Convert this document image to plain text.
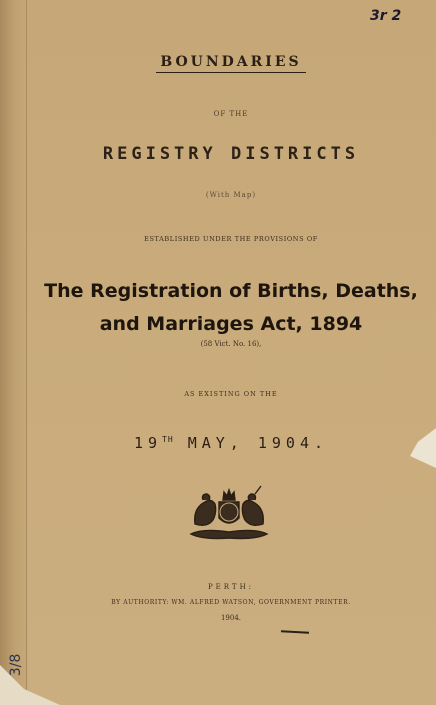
3r 2
BOUNDARIES
OF THE
REGISTRY DISTRICTS
(With Map)
ESTABLISHED UNDER THE PROVISIONS OF
The Registration of Births, Deaths,
and Marriages Act, 1894
(58 Vict. No. 16),
AS EXISTING ON THE
19TH MAY, 1904.
PERTH:
BY AUTHORITY: WM. ALFRED WATSON, GOVERNMENT PRINTER.
1904.
3/8
